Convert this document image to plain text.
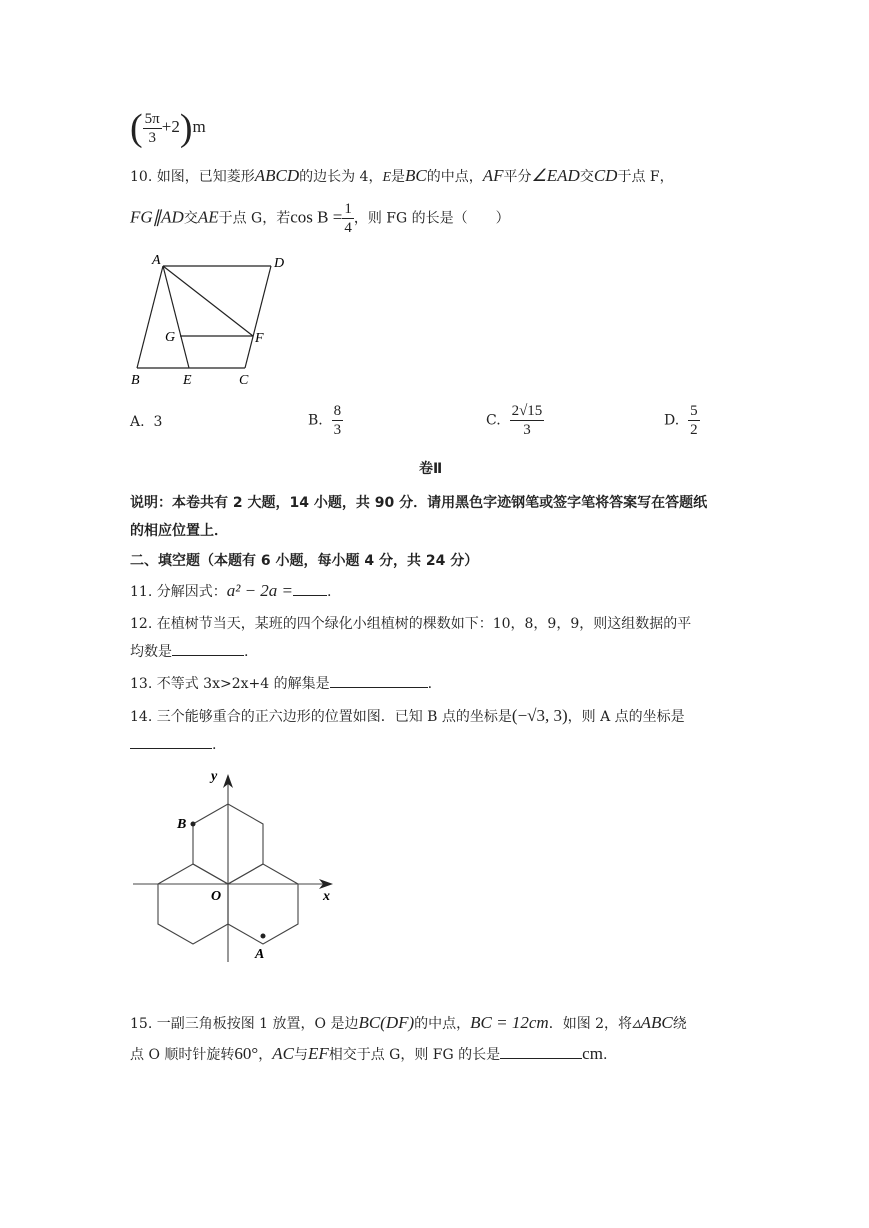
( $\frac{5\pi}{3} +2)m$
10. 如图，已知菱形ABCD的边长为 4，E是BC的中点，AF平分∠EAD交CD于点 F，
FG∥AD交AE于点 G，若$\cos B = \frac{1}{4}$ ，则 FG 的长是（　　）
A	D
G	F
B	E	C
A. 3	B. $\frac{8}{3}$	C. $\frac{2√15}{3}$	D. $\frac{5}{2}$
卷Ⅱ
说明：本卷共有 2 大题，14 小题，共 90 分．请用黑色字迹钢笔或签字笔将答案写在答题纸
的相应位置上．
二、填空题（本题有 6 小题，每小题 4 分，共 24 分）
11. 分解因式：a² − 2a = .
12. 在植树节当天，某班的四个绿化小组植树的棵数如下：10，8，9，9，则这组数据的平
均数是	.
13. 不等式 3x>2x+4 的解集是	.
14. 三个能够重合的正六边形的位置如图．已知 B 点的坐标是(−√3, 3)，则 A 点的坐标是
.
y
x
O
B
A
15. 一副三角板按图 1 放置，O 是边BC(DF)的中点，BC = 12cm．如图 2，将▵ABC绕
点 O 顺时针旋转60°，AC与EF相交于点 G，则 FG 的长是	cm.
